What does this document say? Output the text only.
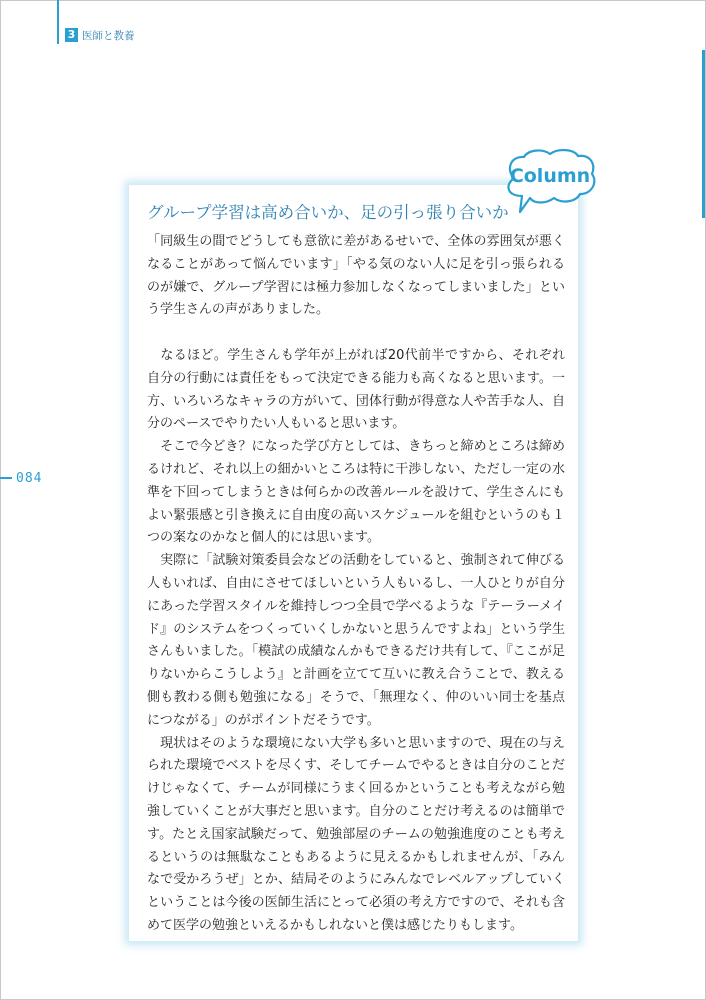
3 医師と教養
084
Column
グループ学習は高め合いか、足の引っ張り合いか

「同級生の間でどうしても意欲に差があるせいで、全体の雰囲気が悪くなることがあって悩んでいます」「やる気のない人に足を引っ張られるのが嫌で、グループ学習には極力参加しなくなってしまいました」という学生さんの声がありました。

　なるほど。学生さんも学年が上がれば20代前半ですから、それぞれ自分の行動には責任をもって決定できる能力も高くなると思います。一方、いろいろなキャラの方がいて、団体行動が得意な人や苦手な人、自分のペースでやりたい人もいると思います。

　そこで今どき？になった学び方としては、きちっと締めところは締めるけれど、それ以上の細かいところは特に干渉しない、ただし一定の水準を下回ってしまうときは何らかの改善ルールを設けて、学生さんにもよい緊張感と引き換えに自由度の高いスケジュールを組むというのも１つの案なのかなと個人的には思います。

　実際に「試験対策委員会などの活動をしていると、強制されて伸びる人もいれば、自由にさせてほしいという人もいるし、一人ひとりが自分にあった学習スタイルを維持しつつ全員で学べるような『テーラーメイド』のシステムをつくっていくしかないと思うんですよね」という学生さんもいました。「模試の成績なんかもできるだけ共有して、『ここが足りないからこうしよう』と計画を立てて互いに教え合うことで、教える側も教わる側も勉強になる」そうで、「無理なく、仲のいい同士を基点につながる」のがポイントだそうです。

　現状はそのような環境にない大学も多いと思いますので、現在の与えられた環境でベストを尽くす、そしてチームでやるときは自分のことだけじゃなくて、チームが同様にうまく回るかということも考えながら勉強していくことが大事だと思います。自分のことだけ考えるのは簡単です。たとえ国家試験だって、勉強部屋のチームの勉強進度のことも考えるというのは無駄なこともあるように見えるかもしれませんが、「みんなで受かろうぜ」とか、結局そのようにみんなでレベルアップしていくということは今後の医師生活にとって必須の考え方ですので、それも含めて医学の勉強といえるかもしれないと僕は感じたりもします。
